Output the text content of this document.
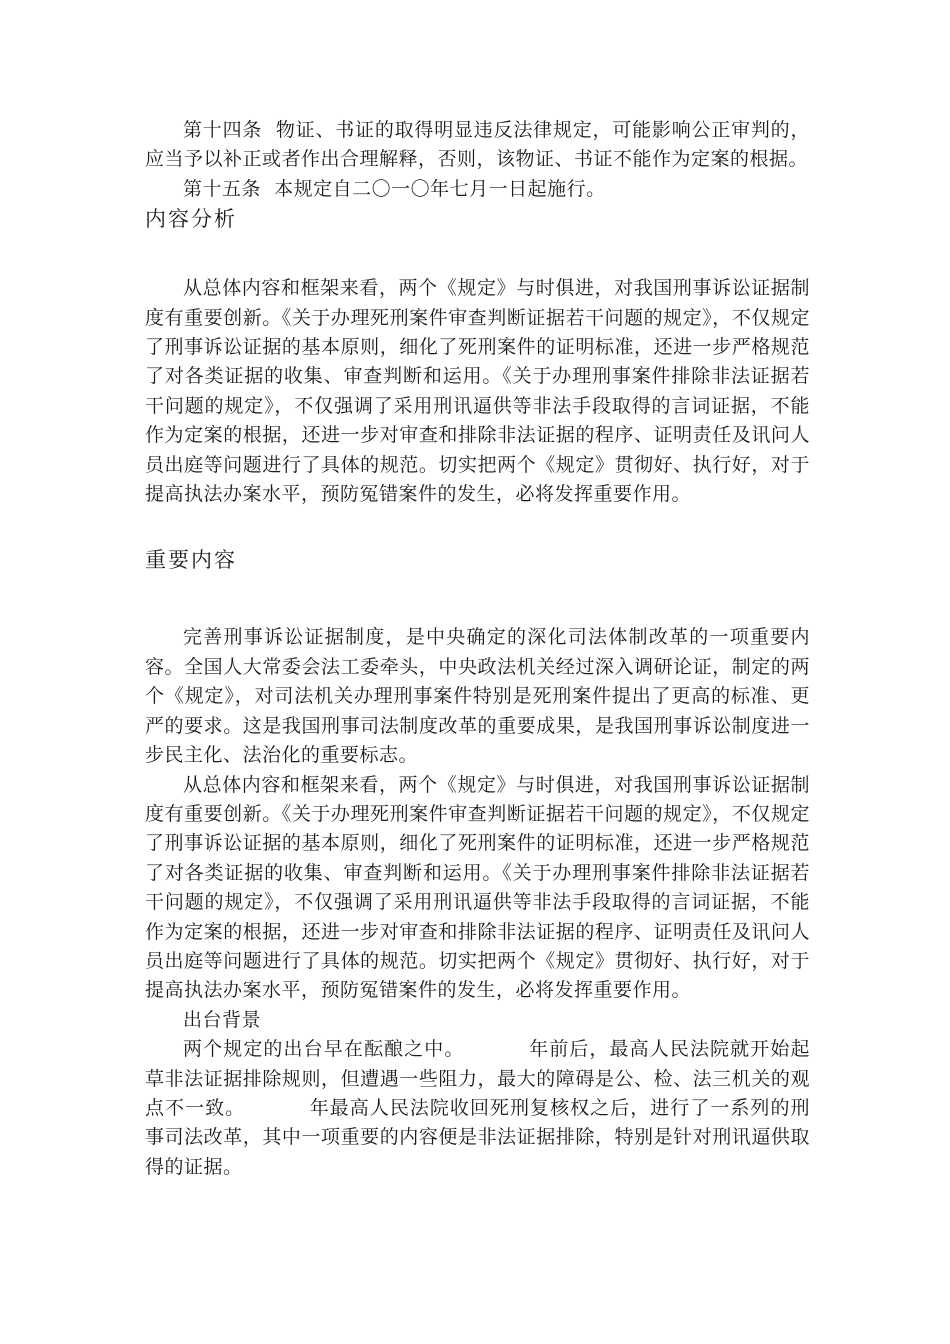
第十四条 物证、书证的取得明显违反法律规定，可能影响公正审判的，应当予以补正或者作出合理解释，否则，该物证、书证不能作为定案的根据。

第十五条 本规定自二〇一〇年七月一日起施行。

内容分析

从总体内容和框架来看，两个《规定》与时俱进，对我国刑事诉讼证据制度有重要创新。《关于办理死刑案件审查判断证据若干问题的规定》，不仅规定了刑事诉讼证据的基本原则，细化了死刑案件的证明标准，还进一步严格规范了对各类证据的收集、审查判断和运用。《关于办理刑事案件排除非法证据若干问题的规定》，不仅强调了采用刑讯逼供等非法手段取得的言词证据，不能作为定案的根据，还进一步对审查和排除非法证据的程序、证明责任及讯问人员出庭等问题进行了具体的规范。切实把两个《规定》贯彻好、执行好，对于提高执法办案水平，预防冤错案件的发生，必将发挥重要作用。

重要内容

完善刑事诉讼证据制度，是中央确定的深化司法体制改革的一项重要内容。全国人大常委会法工委牵头，中央政法机关经过深入调研论证，制定的两个《规定》，对司法机关办理刑事案件特别是死刑案件提出了更高的标准、更严的要求。这是我国刑事司法制度改革的重要成果，是我国刑事诉讼制度进一步民主化、法治化的重要标志。

从总体内容和框架来看，两个《规定》与时俱进，对我国刑事诉讼证据制度有重要创新。《关于办理死刑案件审查判断证据若干问题的规定》，不仅规定了刑事诉讼证据的基本原则，细化了死刑案件的证明标准，还进一步严格规范了对各类证据的收集、审查判断和运用。《关于办理刑事案件排除非法证据若干问题的规定》，不仅强调了采用刑讯逼供等非法手段取得的言词证据，不能作为定案的根据，还进一步对审查和排除非法证据的程序、证明责任及讯问人员出庭等问题进行了具体的规范。切实把两个《规定》贯彻好、执行好，对于提高执法办案水平，预防冤错案件的发生，必将发挥重要作用。

出台背景

两个规定的出台早在酝酿之中。	年前后，最高人民法院就开始起草非法证据排除规则，但遭遇一些阻力，最大的障碍是公、检、法三机关的观点不一致。	年最高人民法院收回死刑复核权之后，进行了一系列的刑事司法改革，其中一项重要的内容便是非法证据排除，特别是针对刑讯逼供取得的证据。
